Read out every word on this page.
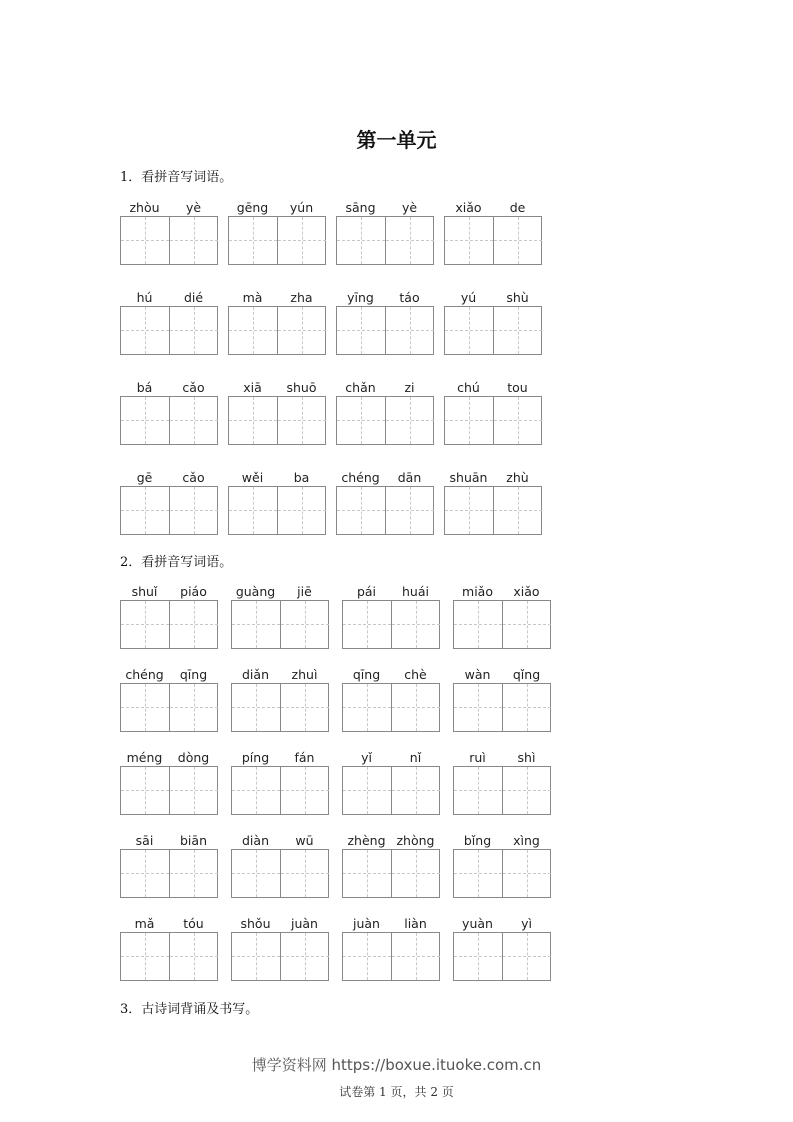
第一单元
1．看拼音写词语。
zhòu	yè	gēng	yún	sāng	yè	xiǎo	de
hú	dié	mà	zha	yīng	táo	yú	shù
bá	cǎo	xiā	shuō	chǎn	zi	chú	tou
gē	cǎo	wěi	ba	chéng	dān	shuān	zhù
2．看拼音写词语。
shuǐ	piáo	guàng	jiē	pái	huái	miǎo	xiǎo
chéng	qīng	diǎn	zhuì	qīng	chè	wàn	qǐng
méng	dòng	píng	fán	yǐ	nǐ	ruì	shì
sāi	biān	diàn	wū	zhèng zhòng	bǐng	xìng
mǎ	tóu	shǒu	juàn	juàn	liàn	yuàn	yì
3．古诗词背诵及书写。
博学资料网 https://boxue.ituoke.com.cn
试卷第 1 页，共 2 页
